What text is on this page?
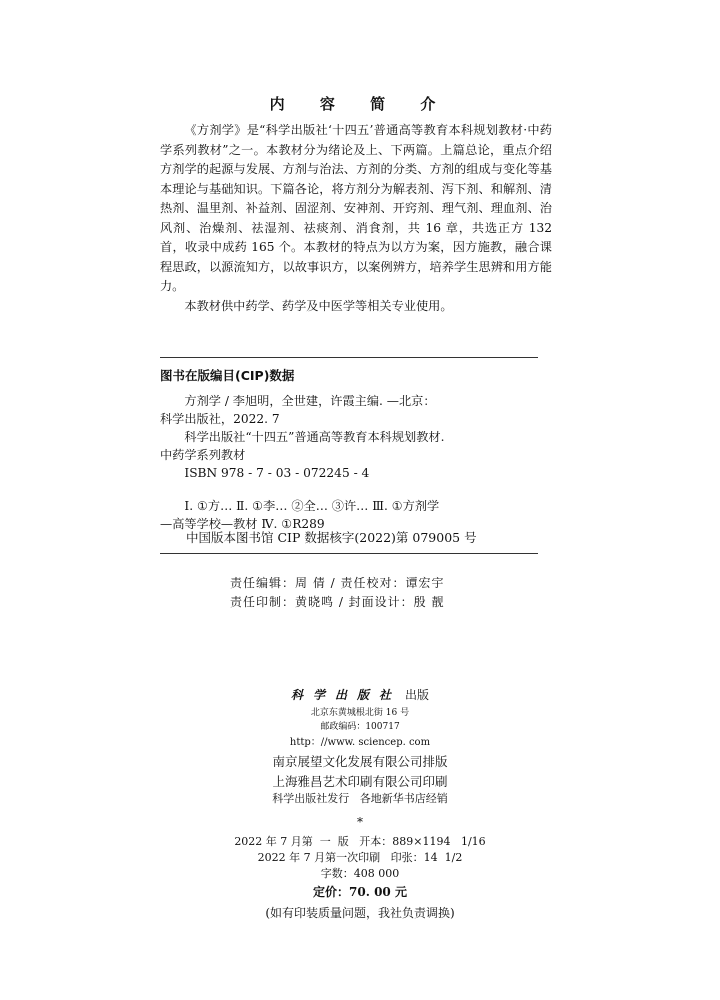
内 容 简 介

《方剂学》是“科学出版社‘十四五’普通高等教育本科规划教材·中药学系列教材”之一。本教材分为绪论及上、下两篇。上篇总论，重点介绍方剂学的起源与发展、方剂与治法、方剂的分类、方剂的组成与变化等基本理论与基础知识。下篇各论，将方剂分为解表剂、泻下剂、和解剂、清热剂、温里剂、补益剂、固涩剂、安神剂、开窍剂、理气剂、理血剂、治风剂、治燥剂、祛湿剂、祛痰剂、消食剂，共 16 章，共选正方 132 首，收录中成药 165 个。本教材的特点为以方为案，因方施教，融合课程思政，以源流知方，以故事识方，以案例辨方，培养学生思辨和用方能力。

本教材供中药学、药学及中医学等相关专业使用。

图书在版编目(CIP)数据
方剂学 / 李旭明，全世建，许霞主编. —北京：
科学出版社，2022. 7
科学出版社“十四五”普通高等教育本科规划教材.
中药学系列教材
ISBN 978 - 7 - 03 - 072245 - 4
Ⅰ. ①方… Ⅱ. ①李… ②全… ③许… Ⅲ. ①方剂学
—高等学校—教材 Ⅳ. ①R289
中国版本图书馆 CIP 数据核字(2022)第 079005 号
责任编辑：周 倩 / 责任校对：谭宏宇
责任印制：黄晓鸣 / 封面设计：殷 靓
科学出版社 出版
北京东黄城根北街 16 号
邮政编码：100717
http：//www. sciencep. com
南京展望文化发展有限公司排版
上海雅昌艺术印刷有限公司印刷
科学出版社发行   各地新华书店经销
*
2022 年 7 月第  一  版   开本：889×1194   1/16
2022 年 7 月第一次印刷   印张：14  1/2
字数：408 000
定价：70. 00 元
(如有印装质量问题，我社负责调换)
